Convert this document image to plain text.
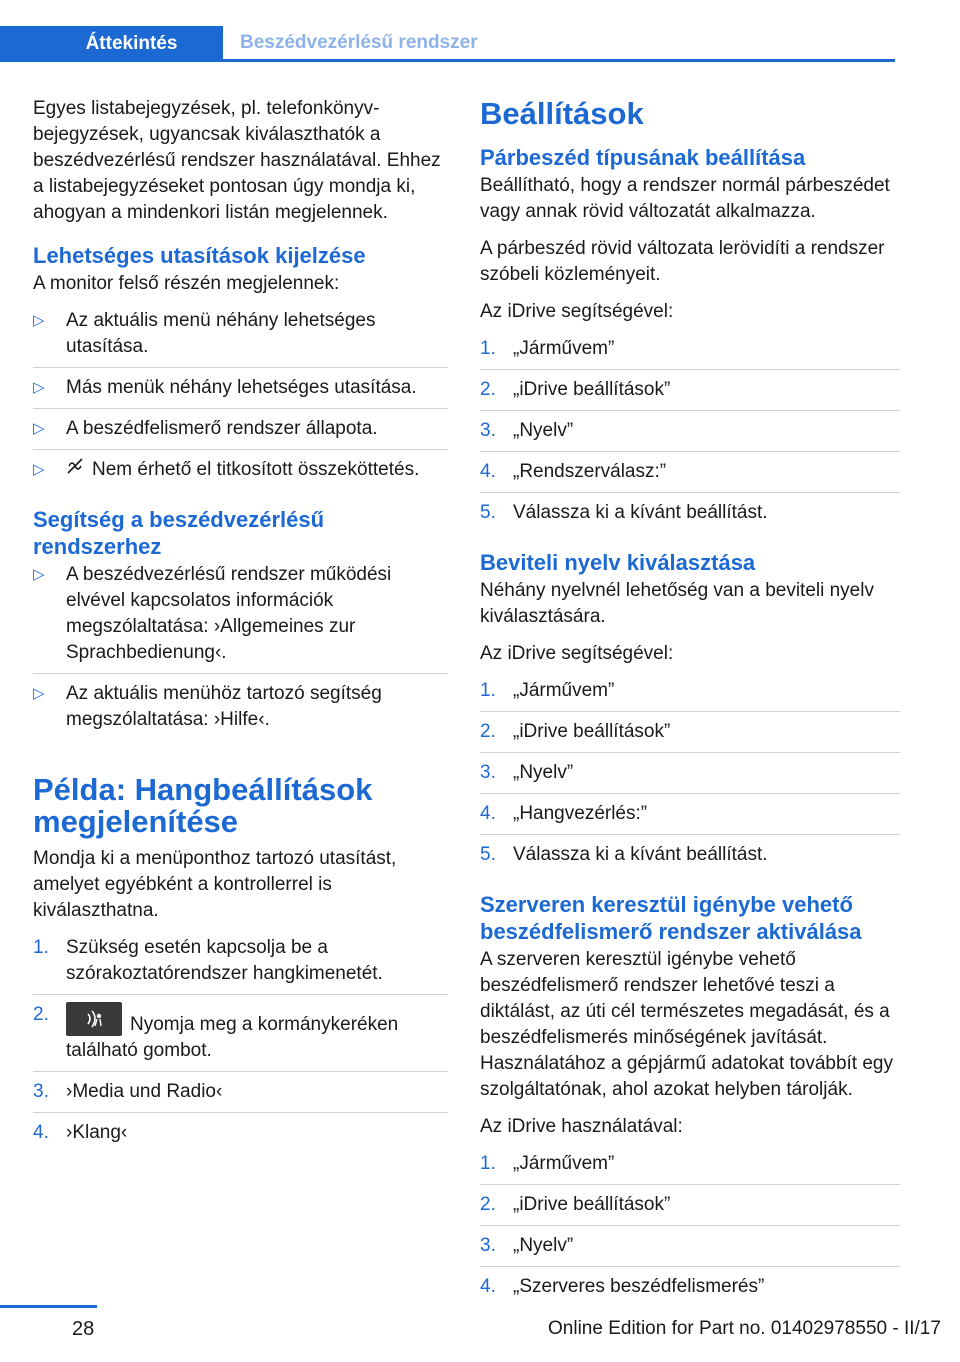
Áttekintés	Beszédvezérlésű rendszer

Egyes listabejegyzések, pl. telefonkönyv-bejegyzések, ugyancsak kiválaszthatók a beszédvezérlésű rendszer használatával. Ehhez a listabejegyzéseket pontosan úgy mondja ki, ahogyan a mindenkori listán megjelennek.

Lehetséges utasítások kijelzése

A monitor felső részén megjelennek:

▷ Az aktuális menü néhány lehetséges utasítása.
▷ Más menük néhány lehetséges utasítása.
▷ A beszédfelismerő rendszer állapota.
▷ Nem érhető el titkosított összeköttetés.
Segítség a beszédvezérlésű rendszerhez
▷ A beszédvezérlésű rendszer működési elvével kapcsolatos információk megszólaltatása: ›Allgemeines zur Sprachbedienung‹.
▷ Az aktuális menühöz tartozó segítség megszólaltatása: ›Hilfe‹.
Példa: Hangbeállítások megjelenítése

Mondja ki a menüponthoz tartozó utasítást, amelyet egyébként a kontrollerrel is kiválaszthatna.

1. Szükség esetén kapcsolja be a szórakoztatórendszer hangkimenetét.
2.	Nyomja meg a kormánykeréken található gombot.
3. ›Media und Radio‹
4. ›Klang‹
Beállítások
Párbeszéd típusának beállítása

Beállítható, hogy a rendszer normál párbeszédet vagy annak rövid változatát alkalmazza.

A párbeszéd rövid változata lerövidíti a rendszer szóbeli közleményeit.

Az iDrive segítségével:

1. „Járművem”
2. „iDrive beállítások”
3. „Nyelv”
4. „Rendszerválasz:”
5. Válassza ki a kívánt beállítást.
Beviteli nyelv kiválasztása

Néhány nyelvnél lehetőség van a beviteli nyelv kiválasztására.

Az iDrive segítségével:

1. „Járművem”
2. „iDrive beállítások”
3. „Nyelv”
4. „Hangvezérlés:”
5. Válassza ki a kívánt beállítást.
Szerveren keresztül igénybe vehető beszédfelismerő rendszer aktiválása

A szerveren keresztül igénybe vehető beszédfelismerő rendszer lehetővé teszi a diktálást, az úti cél természetes megadását, és a beszédfelismerés minőségének javítását. Használatához a gépjármű adatokat továbbít egy szolgáltatónak, ahol azokat helyben tárolják.

Az iDrive használatával:

1. „Járművem”
2. „iDrive beállítások”
3. „Nyelv”
4. „Szerveres beszédfelismerés”
28	Online Edition for Part no. 01402978550 - II/17
